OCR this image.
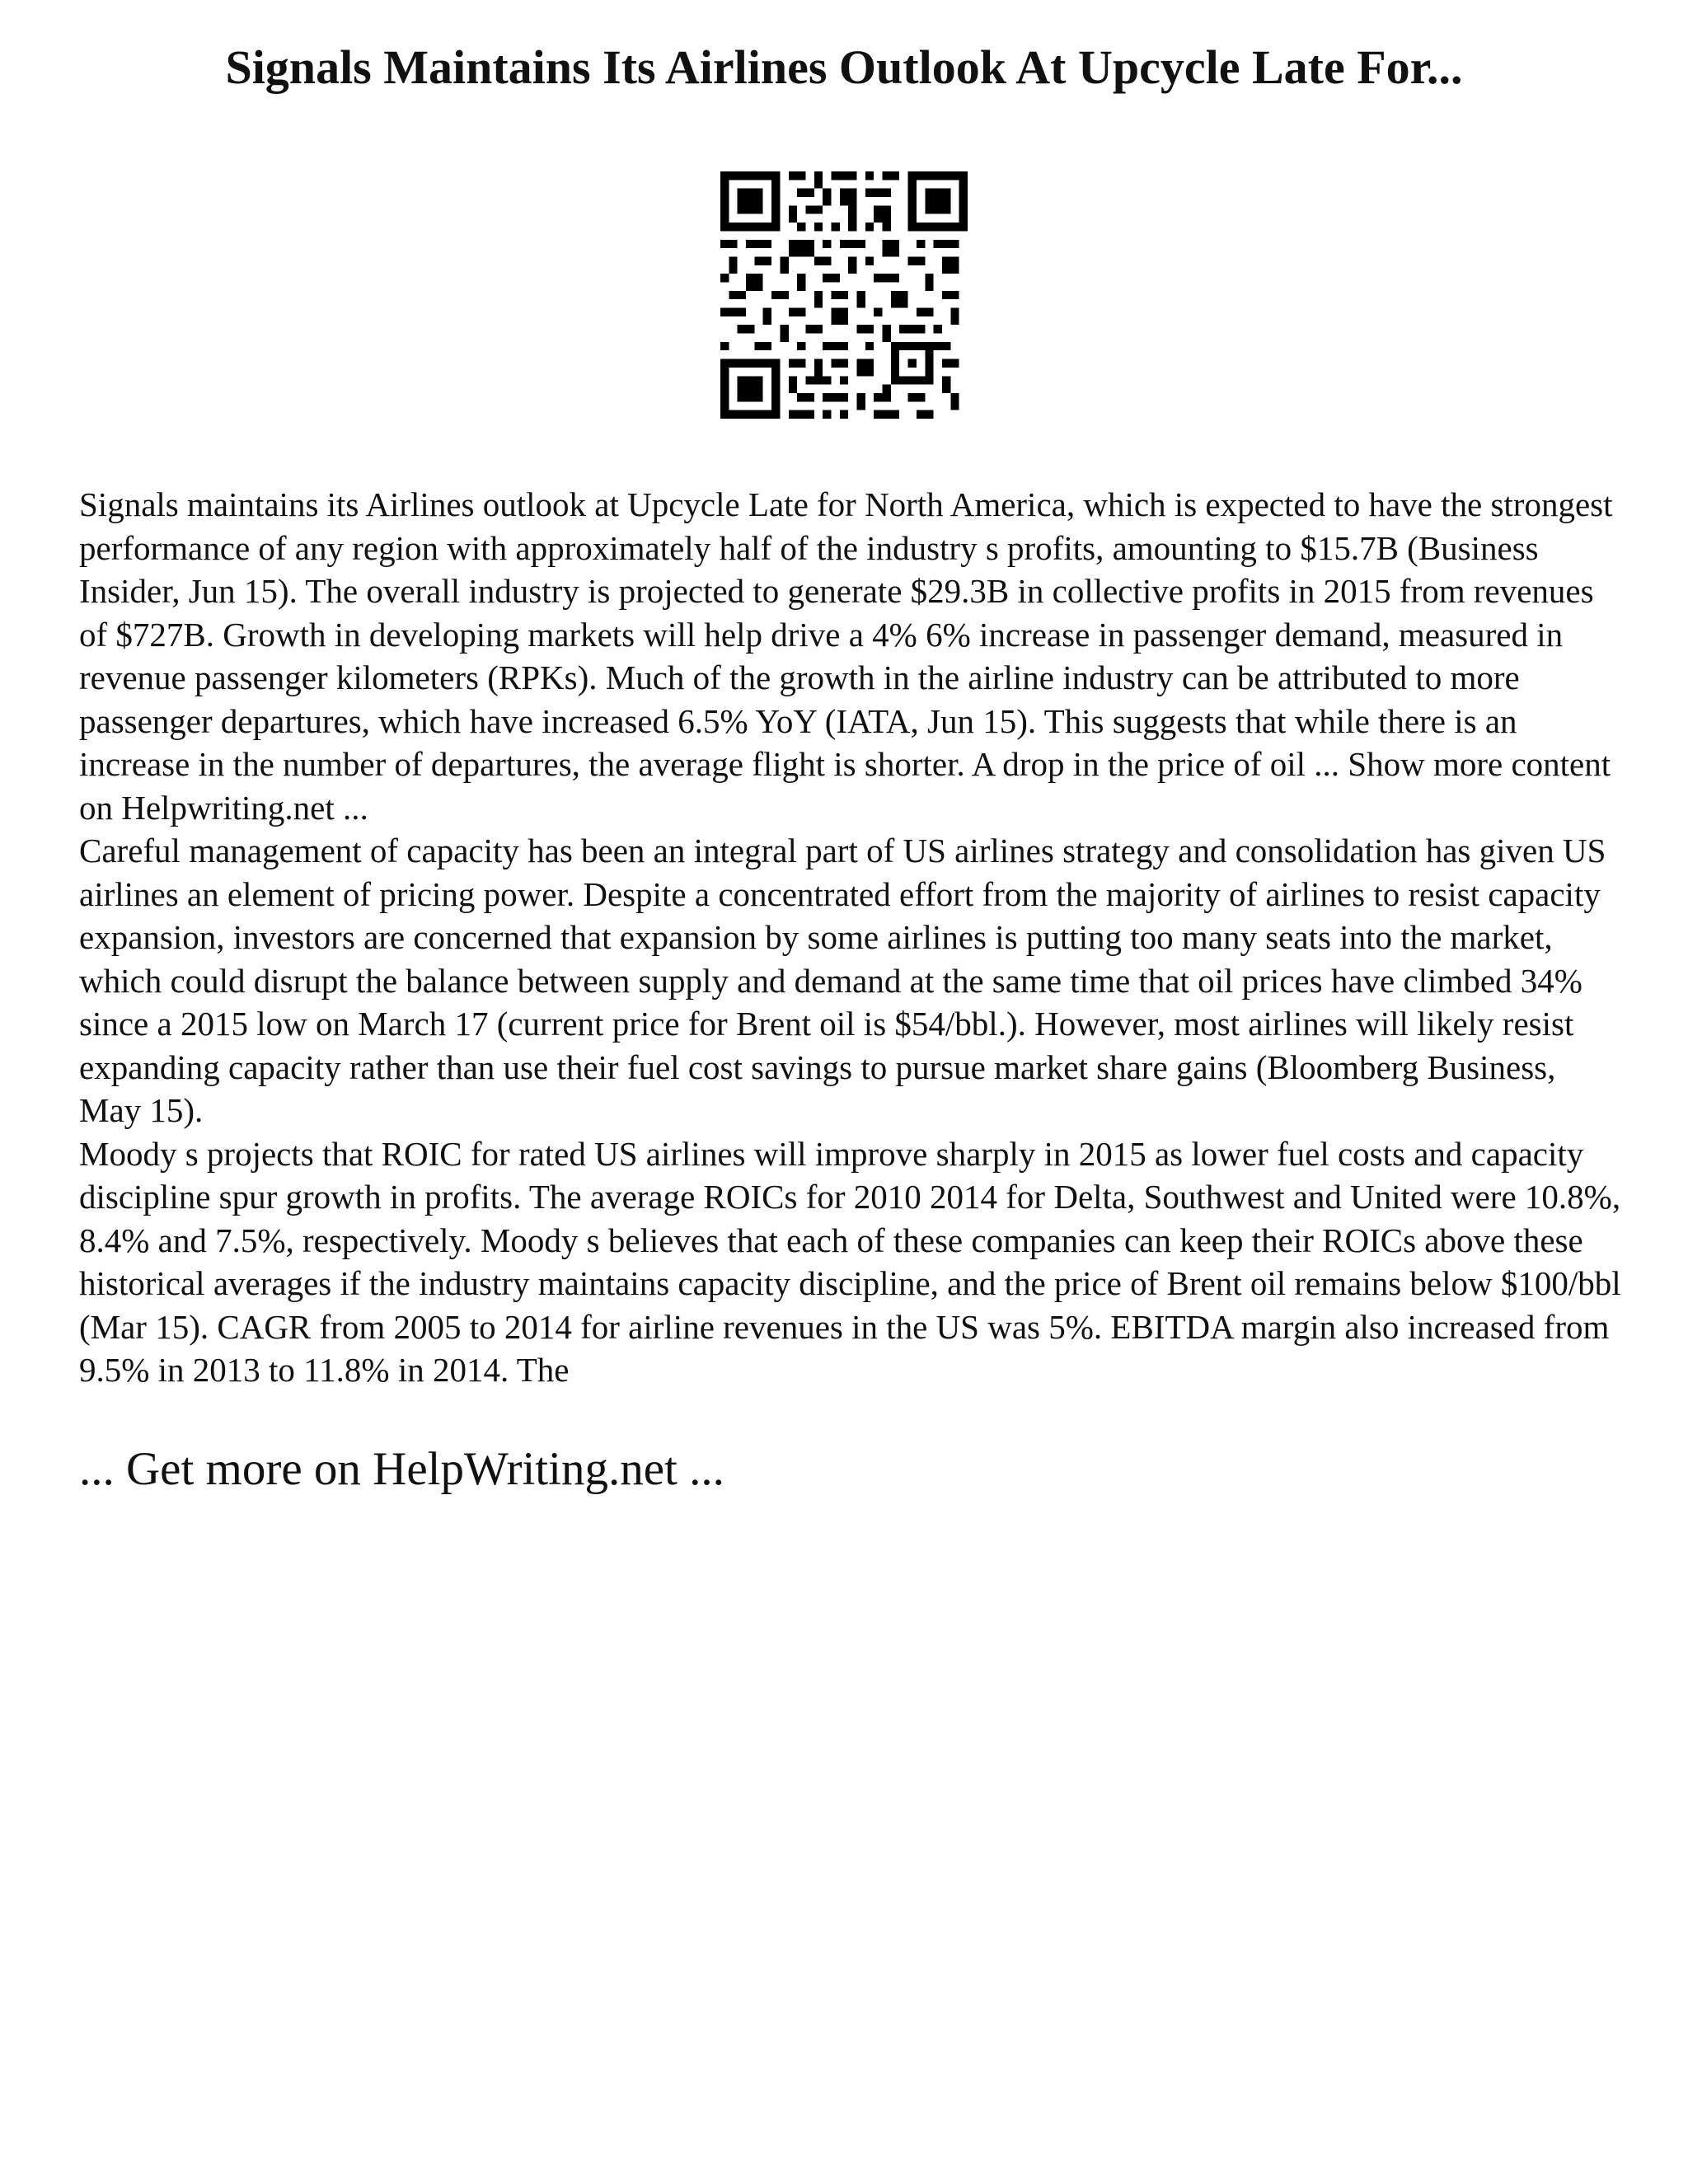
Signals Maintains Its Airlines Outlook At Upcycle Late For...

Signals maintains its Airlines outlook at Upcycle Late for North America, which is expected to have the strongest performance of any region with approximately half of the industry s profits, amounting to $15.7B (Business Insider, Jun 15). The overall industry is projected to generate $29.3B in collective profits in 2015 from revenues of $727B. Growth in developing markets will help drive a 4% 6% increase in passenger demand, measured in revenue passenger kilometers (RPKs). Much of the growth in the airline industry can be attributed to more passenger departures, which have increased 6.5% YoY (IATA, Jun 15). This suggests that while there is an increase in the number of departures, the average flight is shorter. A drop in the price of oil ... Show more content on Helpwriting.net ...

Careful management of capacity has been an integral part of US airlines strategy and consolidation has given US airlines an element of pricing power. Despite a concentrated effort from the majority of airlines to resist capacity expansion, investors are concerned that expansion by some airlines is putting too many seats into the market, which could disrupt the balance between supply and demand at the same time that oil prices have climbed 34% since a 2015 low on March 17 (current price for Brent oil is $54/bbl.). However, most airlines will likely resist expanding capacity rather than use their fuel cost savings to pursue market share gains (Bloomberg Business, May 15).

Moody s projects that ROIC for rated US airlines will improve sharply in 2015 as lower fuel costs and capacity discipline spur growth in profits. The average ROICs for 2010 2014 for Delta, Southwest and United were 10.8%, 8.4% and 7.5%, respectively. Moody s believes that each of these companies can keep their ROICs above these historical averages if the industry maintains capacity discipline, and the price of Brent oil remains below $100/bbl (Mar 15). CAGR from 2005 to 2014 for airline revenues in the US was 5%. EBITDA margin also increased from 9.5% in 2013 to 11.8% in 2014. The

... Get more on HelpWriting.net ...
